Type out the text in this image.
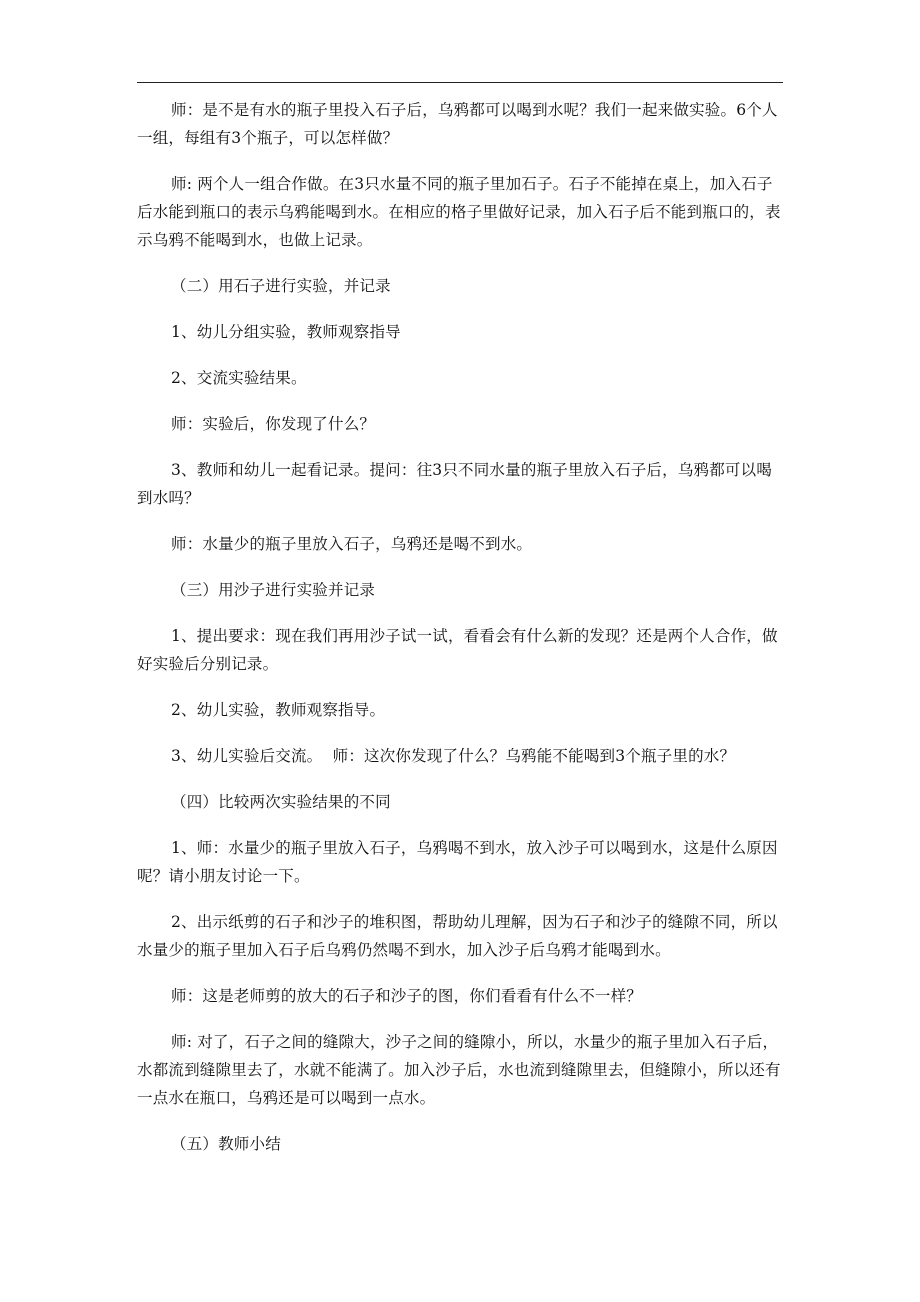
师：是不是有水的瓶子里投入石子后，乌鸦都可以喝到水呢？我们一起来做实验。6个人一组，每组有3个瓶子，可以怎样做？

师: 两个人一组合作做。在3只水量不同的瓶子里加石子。石子不能掉在桌上，加入石子后水能到瓶口的表示乌鸦能喝到水。在相应的格子里做好记录，加入石子后不能到瓶口的，表示乌鸦不能喝到水，也做上记录。

（二）用石子进行实验，并记录

1、幼儿分组实验，教师观察指导

2、交流实验结果。

师：实验后，你发现了什么？

3、教师和幼儿一起看记录。提问：往3只不同水量的瓶子里放入石子后，乌鸦都可以喝到水吗？

师：水量少的瓶子里放入石子，乌鸦还是喝不到水。

（三）用沙子进行实验并记录

1、提出要求：现在我们再用沙子试一试，看看会有什么新的发现？还是两个人合作，做好实验后分别记录。

2、幼儿实验，教师观察指导。

3、幼儿实验后交流。  师：这次你发现了什么？乌鸦能不能喝到3个瓶子里的水？

（四）比较两次实验结果的不同

1、师：水量少的瓶子里放入石子，乌鸦喝不到水，放入沙子可以喝到水，这是什么原因呢？请小朋友讨论一下。

2、出示纸剪的石子和沙子的堆积图，帮助幼儿理解，因为石子和沙子的缝隙不同，所以水量少的瓶子里加入石子后乌鸦仍然喝不到水，加入沙子后乌鸦才能喝到水。

师：这是老师剪的放大的石子和沙子的图，你们看看有什么不一样？

师: 对了，石子之间的缝隙大，沙子之间的缝隙小，所以，水量少的瓶子里加入石子后，水都流到缝隙里去了，水就不能满了。加入沙子后，水也流到缝隙里去，但缝隙小，所以还有一点水在瓶口，乌鸦还是可以喝到一点水。

（五）教师小结
